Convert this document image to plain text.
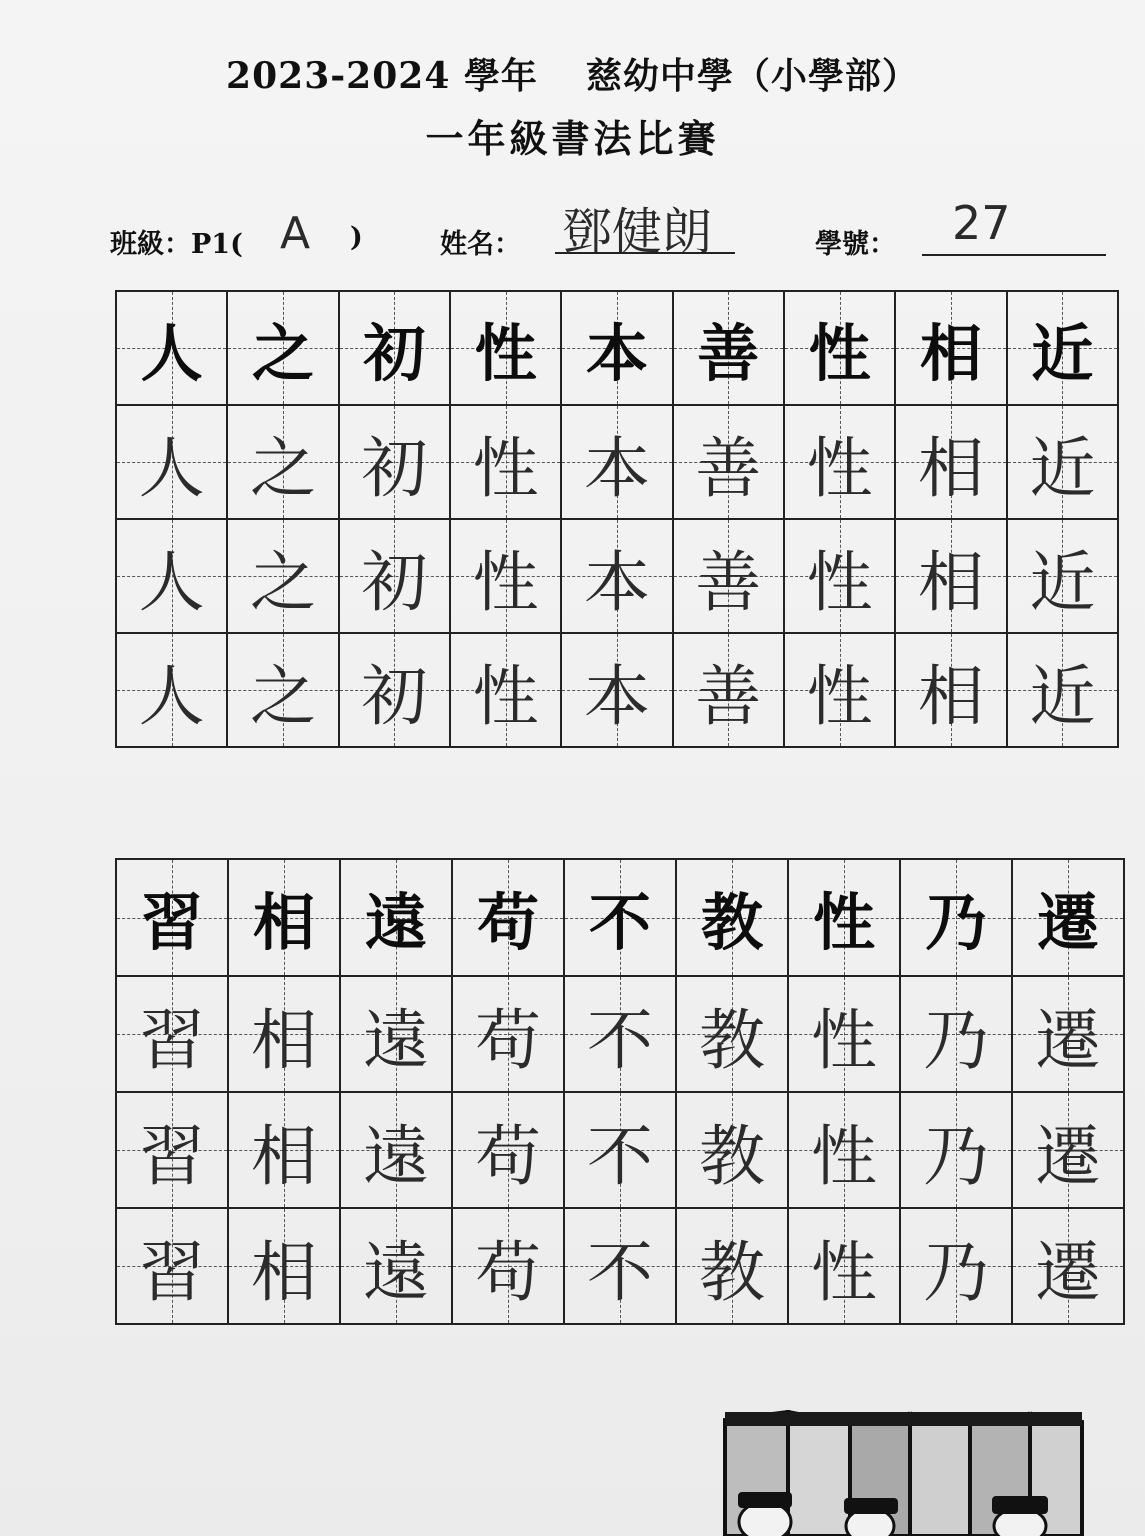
2023-2024 學年 慈幼中學（小學部）
一年級書法比賽
班級：P1( A )	姓名： 鄧健朗	學號： 27
人	之	初	性	本	善	性	相	近
人	之	初	性	本	善	性	相	近
人	之	初	性	本	善	性	相	近
人	之	初	性	本	善	性	相	近
習	相	遠	苟	不	教	性	乃	遷
習	相	遠	苟	不	教	性	乃	遷
習	相	遠	苟	不	教	性	乃	遷
習	相	遠	苟	不	教	性	乃	遷
